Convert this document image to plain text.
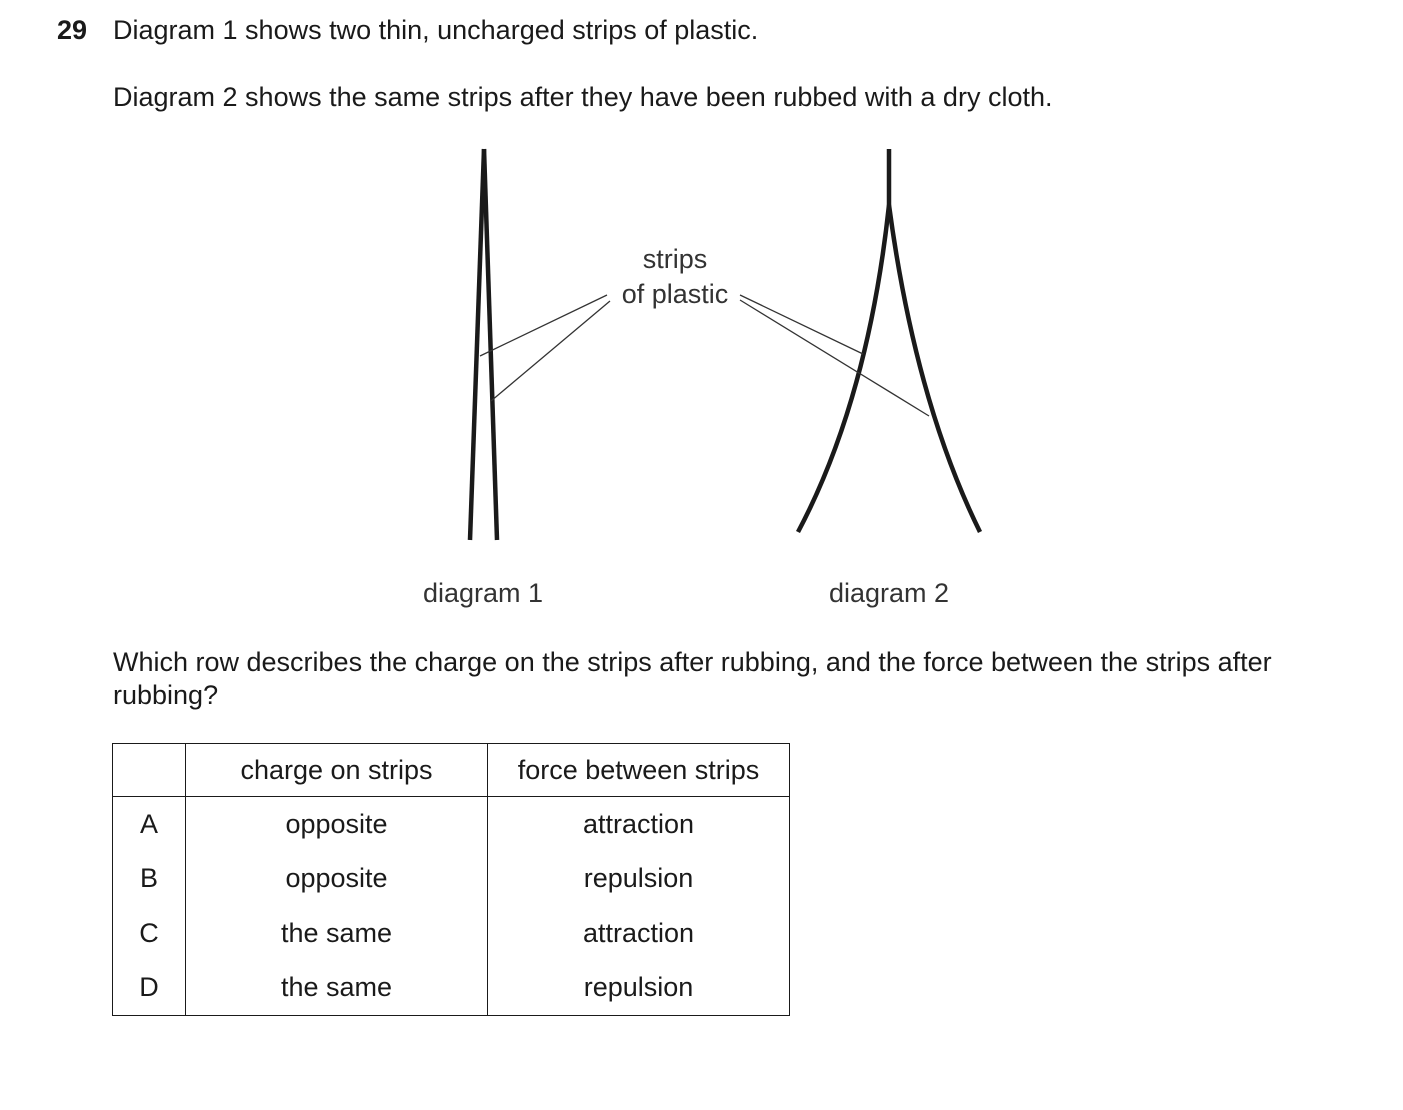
29 Diagram 1 shows two thin, uncharged strips of plastic.
Diagram 2 shows the same strips after they have been rubbed with a dry cloth.
strips
of plastic
diagram 1	diagram 2
Which row describes the charge on the strips after rubbing, and the force between the strips after rubbing?
	charge on strips	force between strips
A	opposite	attraction
B	opposite	repulsion
C	the same	attraction
D	the same	repulsion
